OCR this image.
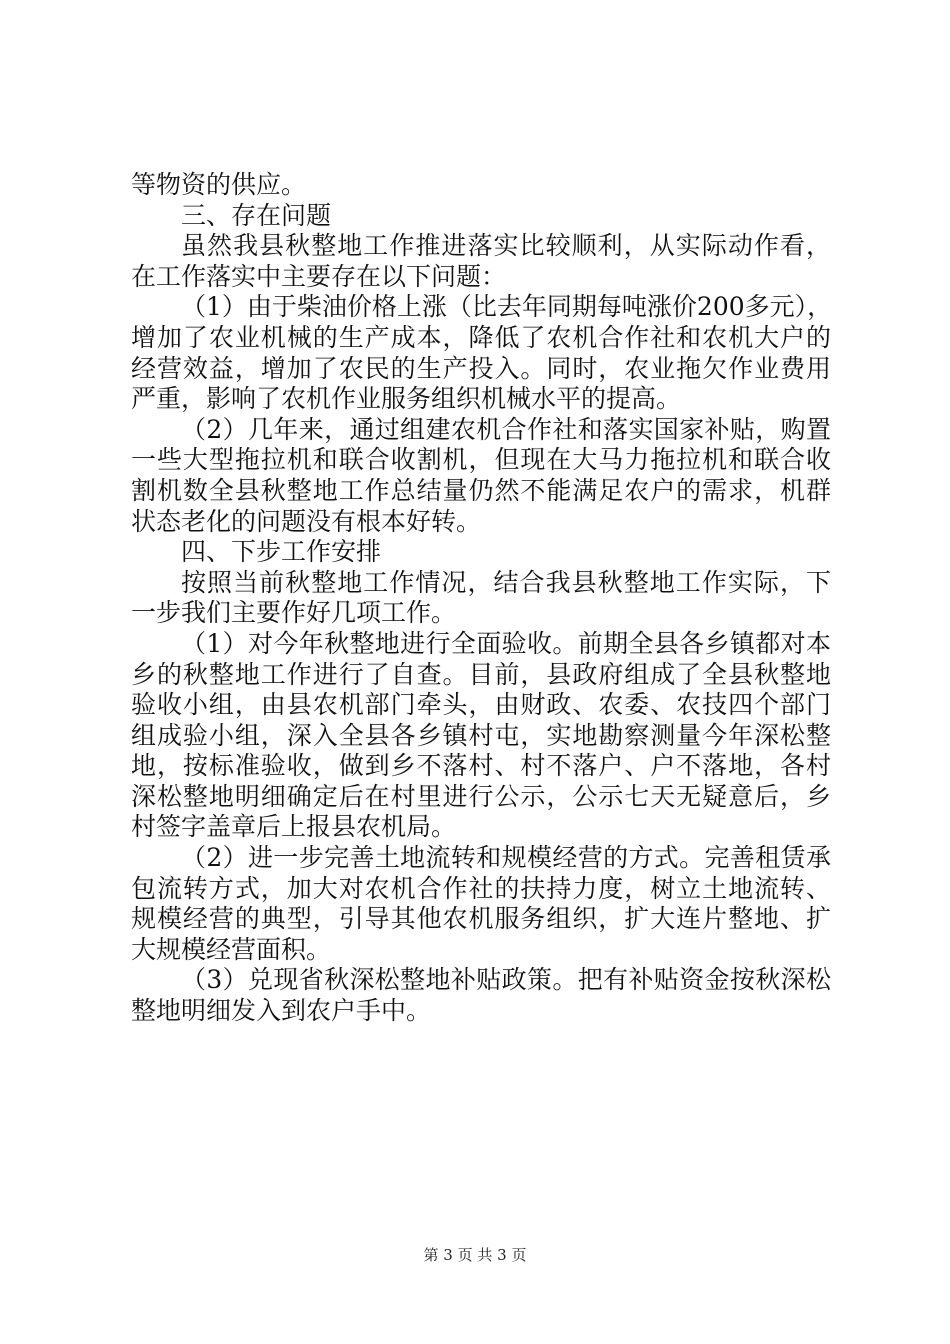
等物资的供应。
三、存在问题
虽然我县秋整地工作推进落实比较顺利，从实际动作看，
在工作落实中主要存在以下问题：
（1）由于柴油价格上涨（比去年同期每吨涨价200多元），
增加了农业机械的生产成本，降低了农机合作社和农机大户的
经营效益，增加了农民的生产投入。同时，农业拖欠作业费用
严重，影响了农机作业服务组织机械水平的提高。
（2）几年来，通过组建农机合作社和落实国家补贴，购置
一些大型拖拉机和联合收割机，但现在大马力拖拉机和联合收
割机数全县秋整地工作总结量仍然不能满足农户的需求，机群
状态老化的问题没有根本好转。
四、下步工作安排
按照当前秋整地工作情况，结合我县秋整地工作实际，下
一步我们主要作好几项工作。
（1）对今年秋整地进行全面验收。前期全县各乡镇都对本
乡的秋整地工作进行了自查。目前，县政府组成了全县秋整地
验收小组，由县农机部门牵头，由财政、农委、农技四个部门
组成验小组，深入全县各乡镇村屯，实地勘察测量今年深松整
地，按标准验收，做到乡不落村、村不落户、户不落地，各村
深松整地明细确定后在村里进行公示，公示七天无疑意后，乡
村签字盖章后上报县农机局。
（2）进一步完善土地流转和规模经营的方式。完善租赁承
包流转方式，加大对农机合作社的扶持力度，树立土地流转、
规模经营的典型，引导其他农机服务组织，扩大连片整地、扩
大规模经营面积。
（3）兑现省秋深松整地补贴政策。把有补贴资金按秋深松
整地明细发入到农户手中。
第 3 页 共 3 页
